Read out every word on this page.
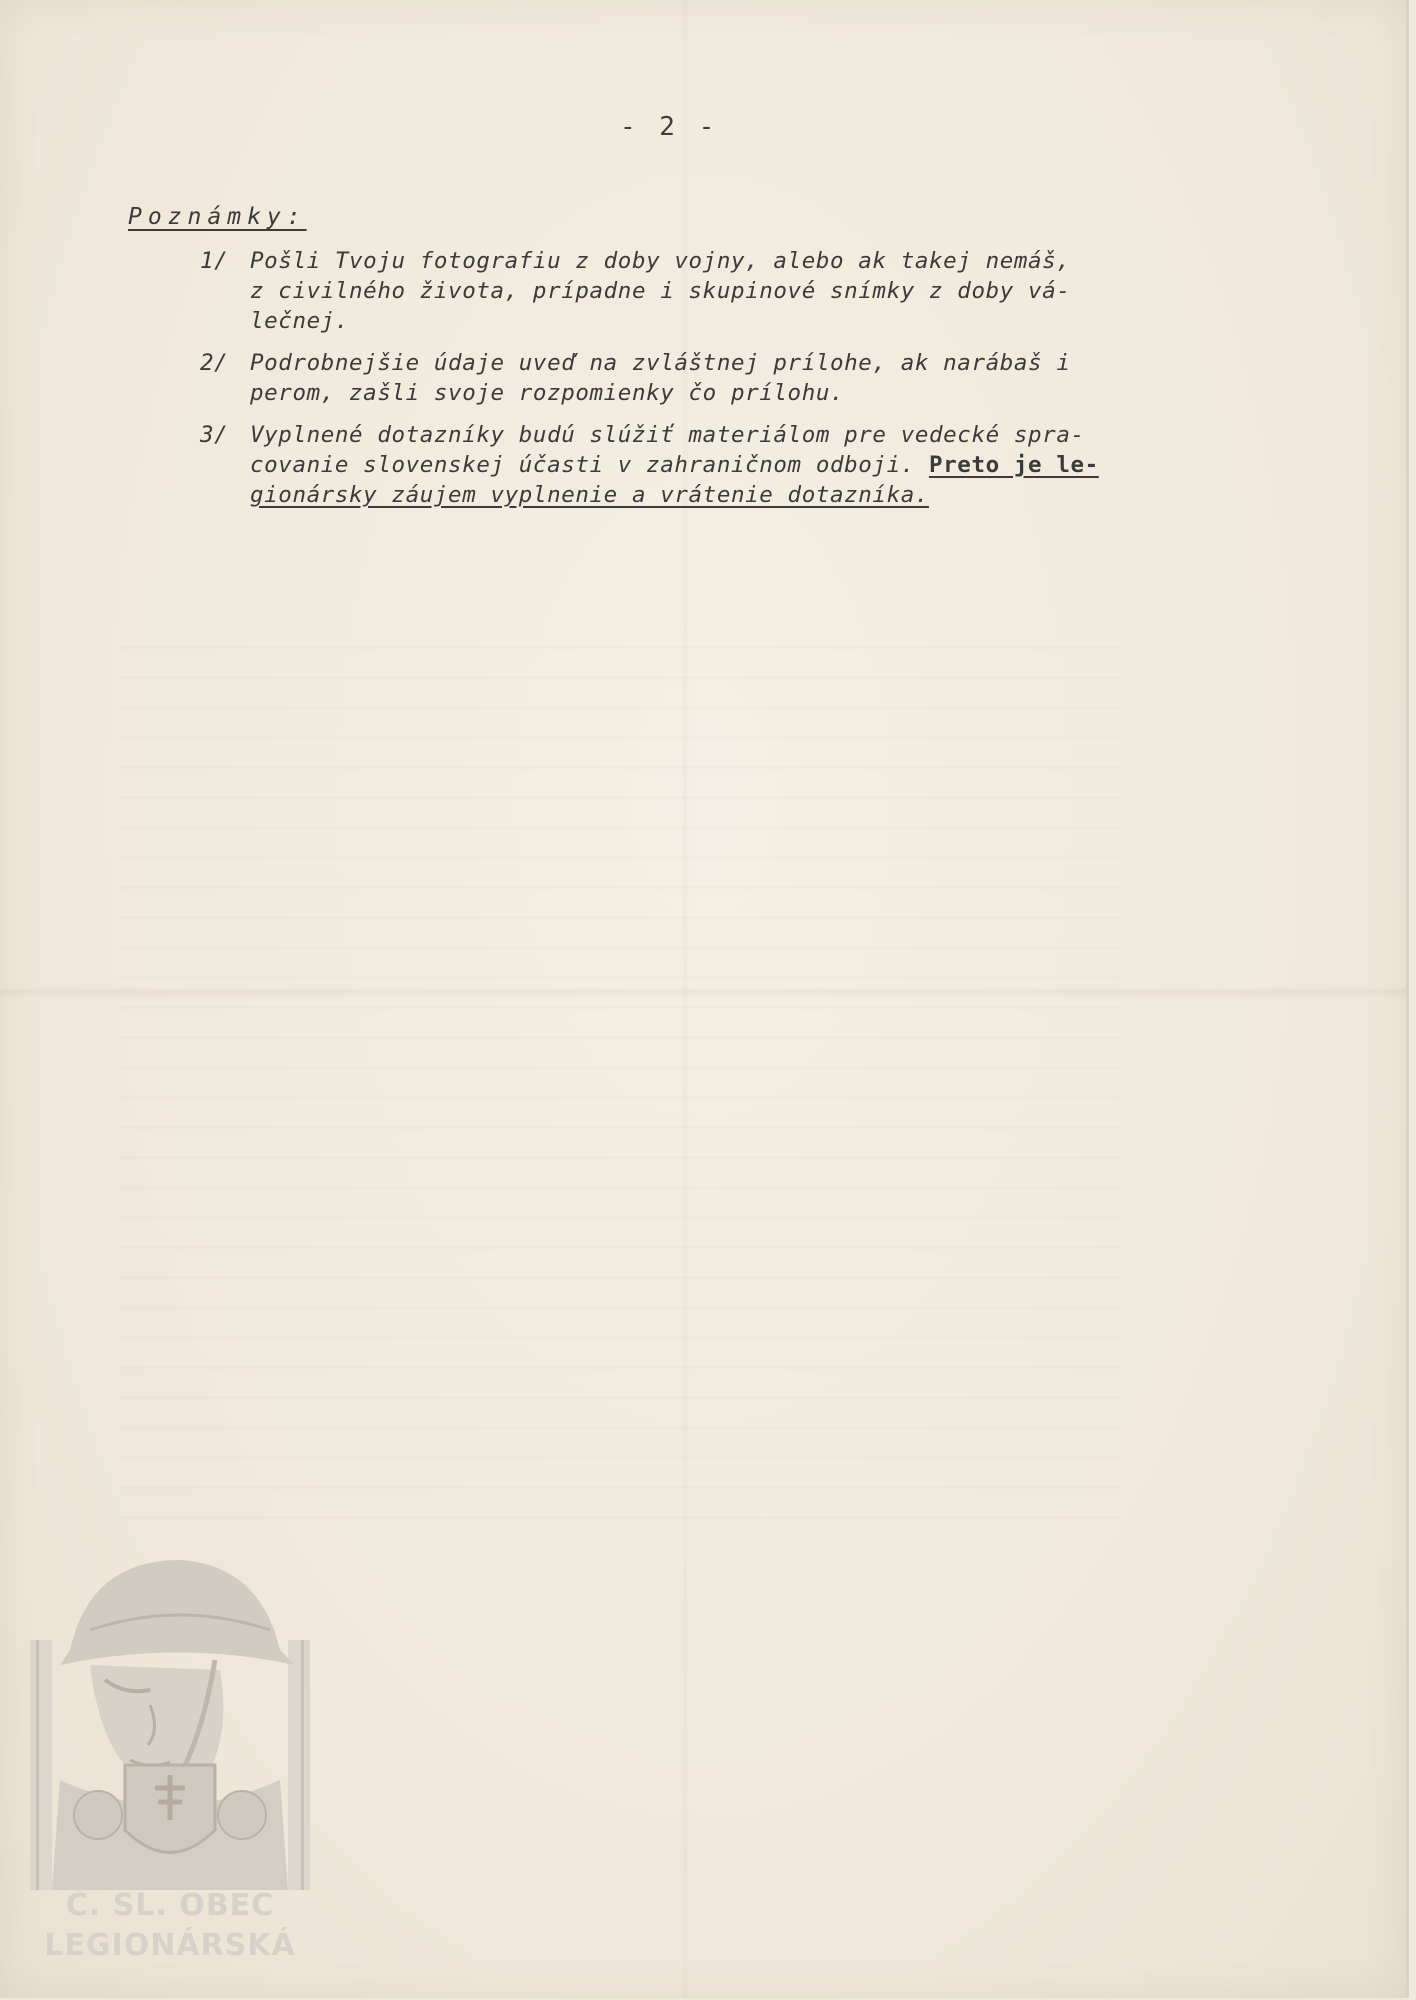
- 2 -
Poznámky:
1/ Pošli Tvoju fotografiu z doby vojny, alebo ak takej nemáš,
z civilného života, prípadne i skupinové snímky z doby vá-
lečnej.
2/ Podrobnejšie údaje uveď na zvláštnej prílohe, ak narábaš i
perom, zašli svoje rozpomienky čo prílohu.
3/ Vyplnené dotazníky budú slúžiť materiálom pre vedecké spra-
covanie slovenskej účasti v zahraničnom odboji. Preto je le-
gionársky záujem vyplnenie a vrátenie dotazníka.
Č. SL. OBEC
LEGIONÁRSKÁ
